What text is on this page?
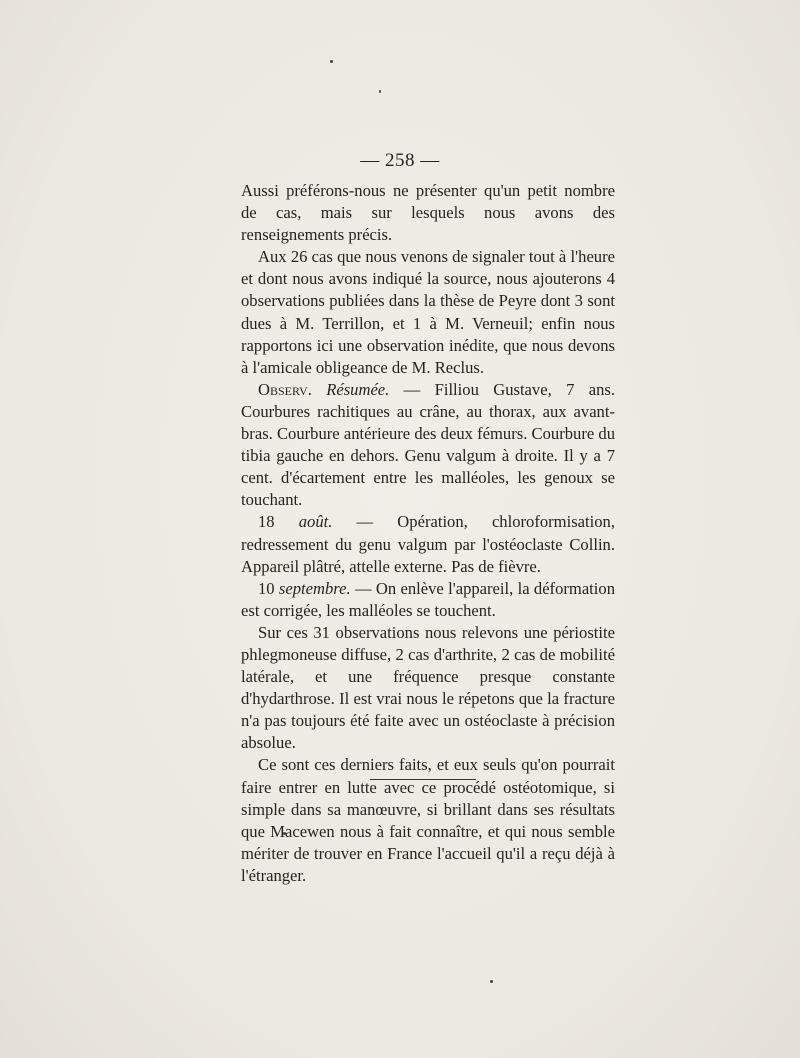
— 258 —

Aussi préférons-nous ne présenter qu'un petit nombre de cas, mais sur lesquels nous avons des renseignements précis.

Aux 26 cas que nous venons de signaler tout à l'heure et dont nous avons indiqué la source, nous ajouterons 4 observations publiées dans la thèse de Peyre dont 3 sont dues à M. Terrillon, et 1 à M. Verneuil; enfin nous rapportons ici une observation inédite, que nous devons à l'amicale obligeance de M. Reclus.

Observ. Résumée. — Filliou Gustave, 7 ans. Courbures rachitiques au crâne, au thorax, aux avant-bras. Courbure antérieure des deux fémurs. Courbure du tibia gauche en dehors. Genu valgum à droite. Il y a 7 cent. d'écartement entre les malléoles, les genoux se touchant.

18 août. — Opération, chloroformisation, redressement du genu valgum par l'ostéoclaste Collin. Appareil plâtré, attelle externe. Pas de fièvre.

10 septembre. — On enlève l'appareil, la déformation est corrigée, les malléoles se touchent.

Sur ces 31 observations nous relevons une périostite phlegmoneuse diffuse, 2 cas d'arthrite, 2 cas de mobilité latérale, et une fréquence presque constante d'hydarthrose. Il est vrai nous le répetons que la fracture n'a pas toujours été faite avec un ostéoclaste à précision absolue.

Ce sont ces derniers faits, et eux seuls qu'on pourrait faire entrer en lutte avec ce procédé ostéotomique, si simple dans sa manœuvre, si brillant dans ses résultats que Macewen nous à fait connaître, et qui nous semble mériter de trouver en France l'accueil qu'il a reçu déjà à l'étranger.
